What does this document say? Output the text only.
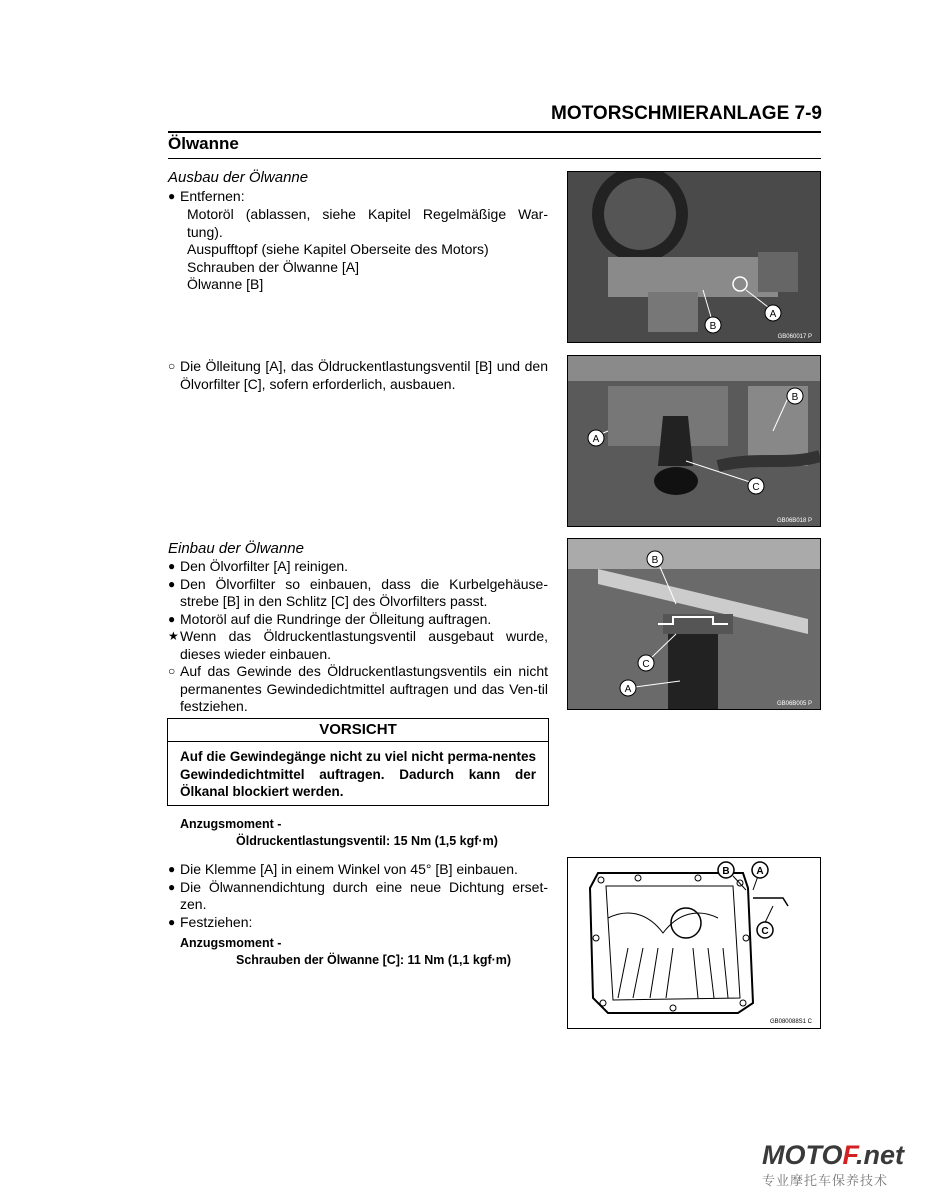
MOTORSCHMIERANLAGE 7-9
Ölwanne
Ausbau der Ölwanne
● Entfernen:
Motoröl (ablassen, siehe Kapitel Regelmäßige War-
tung).
Auspufftopf (siehe Kapitel Oberseite des Motors)
Schrauben der Ölwanne [A]
Ölwanne [B]
○ Die Ölleitung [A], das Öldruckentlastungsventil [B] und den Ölvorfilter [C], sofern erforderlich, ausbauen.
Einbau der Ölwanne
● Den Ölvorfilter [A] reinigen.
● Den Ölvorfilter so einbauen, dass die Kurbelgehäuse-strebe [B] in den Schlitz [C] des Ölvorfilters passt.
● Motoröl auf die Rundringe der Ölleitung auftragen.
★ Wenn das Öldruckentlastungsventil ausgebaut wurde, dieses wieder einbauen.
○ Auf das Gewinde des Öldruckentlastungsventils ein nicht permanentes Gewindedichtmittel auftragen und das Ven-til festziehen.
VORSICHT
Auf die Gewindegänge nicht zu viel nicht perma-nentes Gewindedichtmittel auftragen. Dadurch kann der Ölkanal blockiert werden.
Anzugsmoment -
Öldruckentlastungsventil: 15 Nm (1,5 kgf·m)
● Die Klemme [A] in einem Winkel von 45° [B] einbauen.
● Die Ölwannendichtung durch eine neue Dichtung erset-zen.
● Festziehen:
Anzugsmoment -
Schrauben der Ölwanne [C]: 11 Nm (1,1 kgf·m)
A
B
GB060017 P
A
B
C
GB06B018 P
B
C
A
GB06B005 P
B	A
C
GB080088S1 C
MOTOF.net
专业摩托车保养技术
